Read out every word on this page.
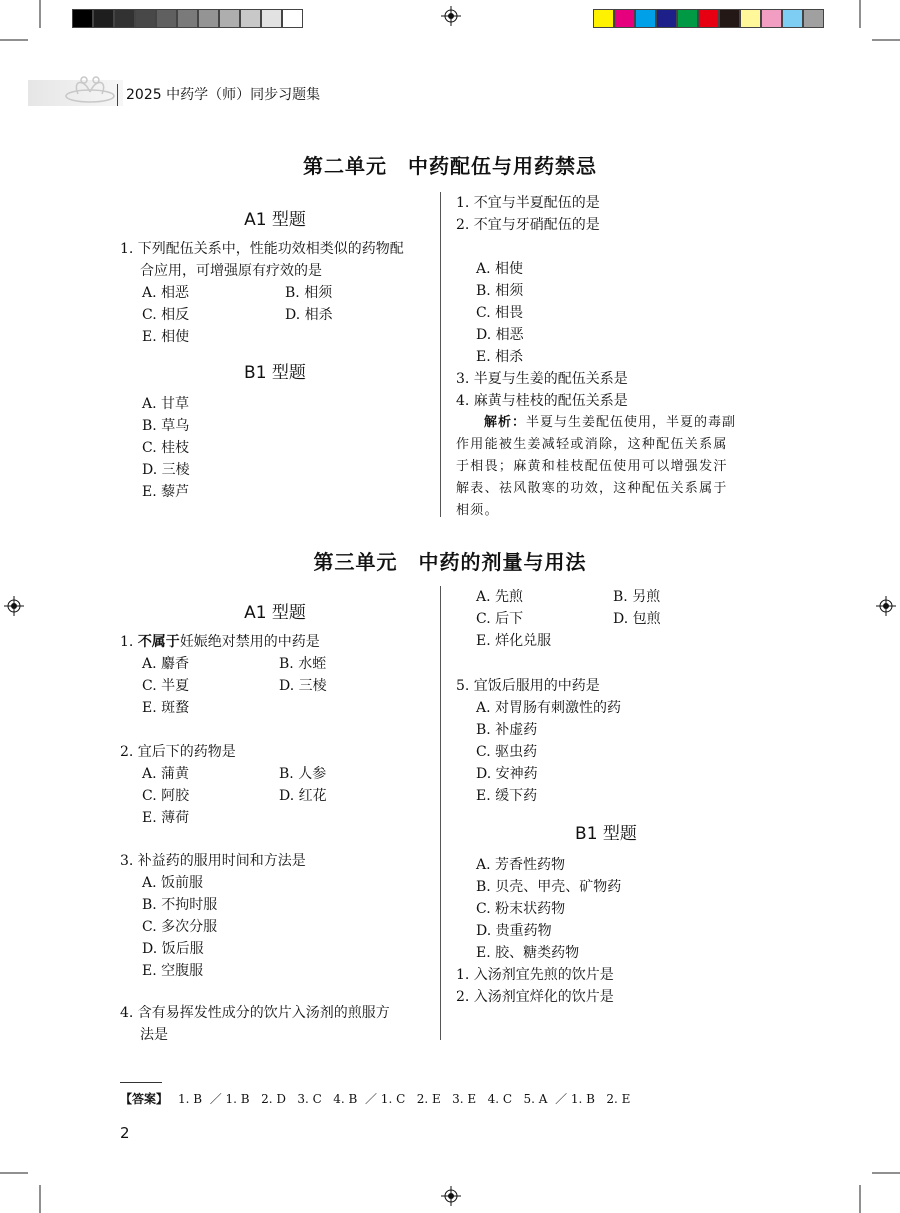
2025 中药学（师）同步习题集
第二单元　中药配伍与用药禁忌
A1 型题
1. 下列配伍关系中，性能功效相类似的药物配
合应用，可增强原有疗效的是
A. 相恶	B. 相须
C. 相反	D. 相杀
E. 相使
B1 型题
A. 甘草
B. 草乌
C. 桂枝
D. 三棱
E. 藜芦
1. 不宜与半夏配伍的是
2. 不宜与牙硝配伍的是
A. 相使
B. 相须
C. 相畏
D. 相恶
E. 相杀
3. 半夏与生姜的配伍关系是
4. 麻黄与桂枝的配伍关系是
解析：半夏与生姜配伍使用，半夏的毒副
作用能被生姜减轻或消除，这种配伍关系属
于相畏；麻黄和桂枝配伍使用可以增强发汗
解表、祛风散寒的功效，这种配伍关系属于
相须。
第三单元　中药的剂量与用法
A1 型题
1. 不属于妊娠绝对禁用的中药是
A. 麝香	B. 水蛭
C. 半夏	D. 三棱
E. 斑蝥
2. 宜后下的药物是
A. 蒲黄	B. 人参
C. 阿胶	D. 红花
E. 薄荷
3. 补益药的服用时间和方法是
A. 饭前服
B. 不拘时服
C. 多次分服
D. 饭后服
E. 空腹服
4. 含有易挥发性成分的饮片入汤剂的煎服方
法是
A. 先煎	B. 另煎
C. 后下	D. 包煎
E. 烊化兑服
5. 宜饭后服用的中药是
A. 对胃肠有刺激性的药
B. 补虚药
C. 驱虫药
D. 安神药
E. 缓下药
B1 型题
A. 芳香性药物
B. 贝壳、甲壳、矿物药
C. 粉末状药物
D. 贵重药物
E. 胶、糖类药物
1. 入汤剂宜先煎的饮片是
2. 入汤剂宜烊化的饮片是
【答案】 1. B  ／ 1. B   2. D   3. C   4. B  ／ 1. C   2. E   3. E   4. C   5. A  ／ 1. B   2. E
2
